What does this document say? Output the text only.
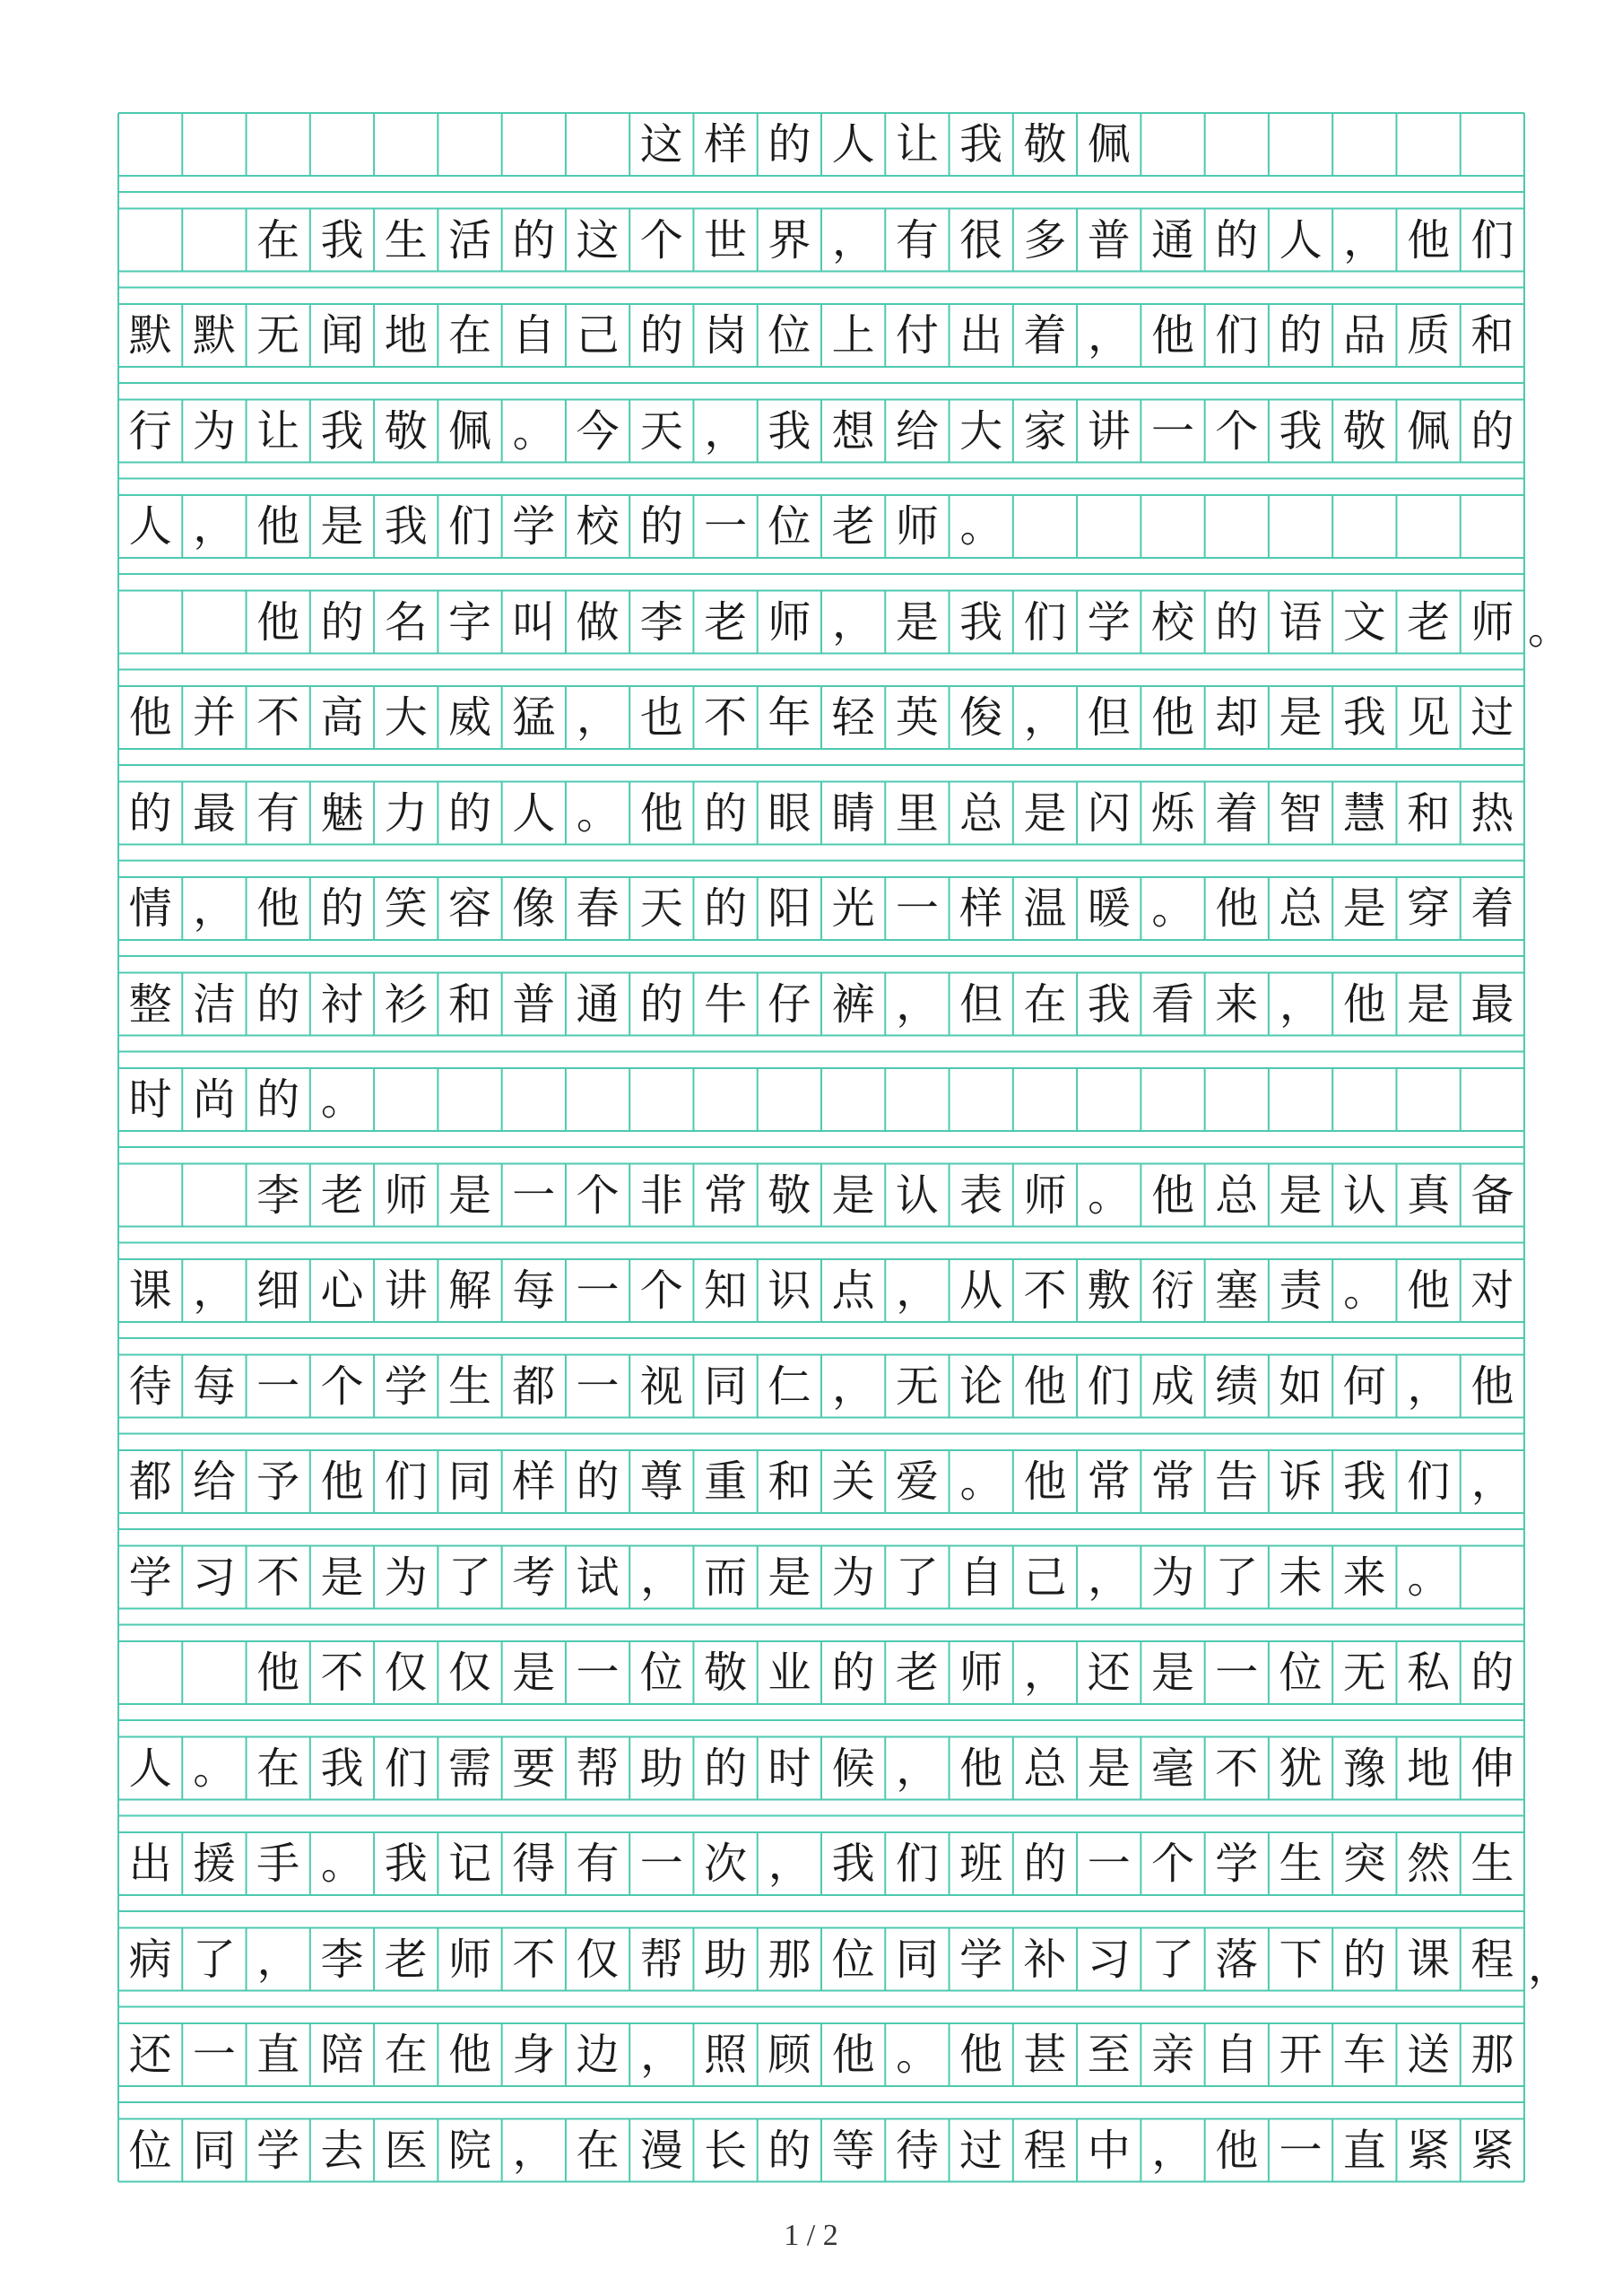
这 样 的 人 让 我 敬 佩
在 我 生 活 的 这 个 世 界 ， 有 很 多 普 通 的 人 ， 他 们
默 默 无 闻 地 在 自 己 的 岗 位 上 付 出 着 ， 他 们 的 品 质 和
行 为 让 我 敬 佩 。 今 天 ， 我 想 给 大 家 讲 一 个 我 敬 佩 的
人 ， 他 是 我 们 学 校 的 一 位 老 师 。
他 的 名 字 叫 做 李 老 师 ， 是 我 们 学 校 的 语 文 老 师 。
他 并 不 高 大 威 猛 ， 也 不 年 轻 英 俊 ， 但 他 却 是 我 见 过
的 最 有 魅 力 的 人 。 他 的 眼 睛 里 总 是 闪 烁 着 智 慧 和 热
情 ， 他 的 笑 容 像 春 天 的 阳 光 一 样 温 暖 。 他 总 是 穿 着
整 洁 的 衬 衫 和 普 通 的 牛 仔 裤 ， 但 在 我 看 来 ， 他 是 最
时 尚 的 。
李 老 师 是 一 个 非 常 敬 是 认 表 师 。 他 总 是 认 真 备
课 ， 细 心 讲 解 每 一 个 知 识 点 ， 从 不 敷 衍 塞 责 。 他 对
待 每 一 个 学 生 都 一 视 同 仁 ， 无 论 他 们 成 绩 如 何 ， 他
都 给 予 他 们 同 样 的 尊 重 和 关 爱 。 他 常 常 告 诉 我 们 ，
学 习 不 是 为 了 考 试 ， 而 是 为 了 自 己 ， 为 了 未 来 。
他 不 仅 仅 是 一 位 敬 业 的 老 师 ， 还 是 一 位 无 私 的
人 。 在 我 们 需 要 帮 助 的 时 候 ， 他 总 是 毫 不 犹 豫 地 伸
出 援 手 。 我 记 得 有 一 次 ， 我 们 班 的 一 个 学 生 突 然 生
病 了 ， 李 老 师 不 仅 帮 助 那 位 同 学 补 习 了 落 下 的 课 程 ，
还 一 直 陪 在 他 身 边 ， 照 顾 他 。 他 甚 至 亲 自 开 车 送 那
位 同 学 去 医 院 ， 在 漫 长 的 等 待 过 程 中 ， 他 一 直 紧 紧
1 / 2
